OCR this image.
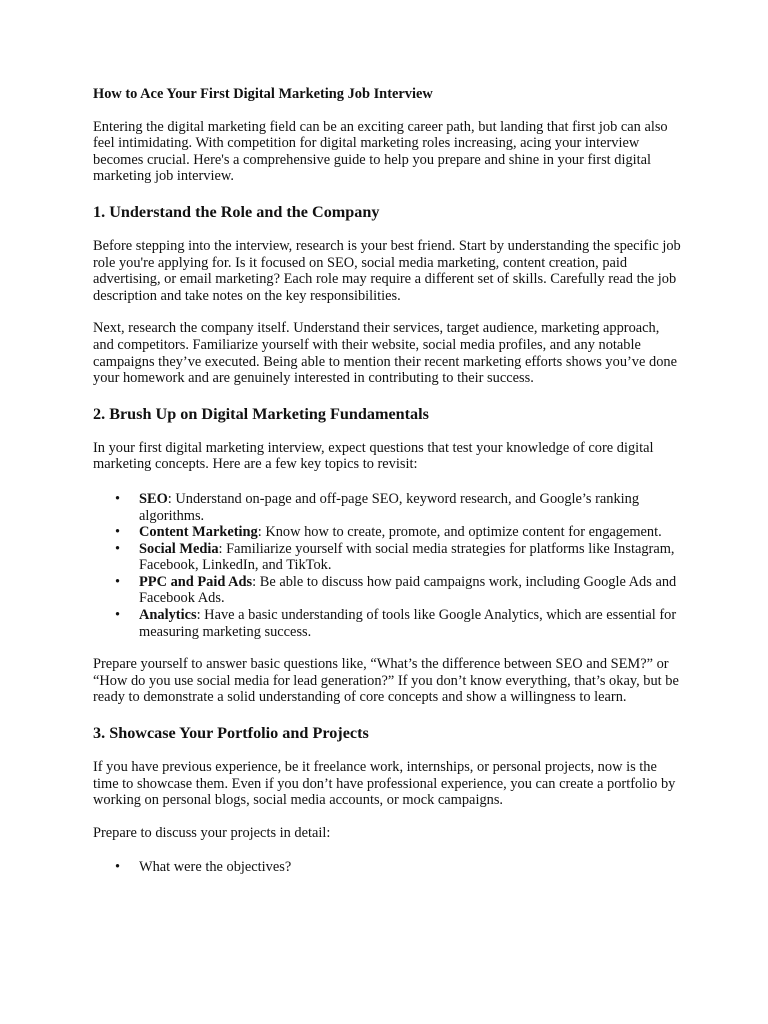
How to Ace Your First Digital Marketing Job Interview

Entering the digital marketing field can be an exciting career path, but landing that first job can also feel intimidating. With competition for digital marketing roles increasing, acing your interview becomes crucial. Here's a comprehensive guide to help you prepare and shine in your first digital marketing job interview.

1. Understand the Role and the Company

Before stepping into the interview, research is your best friend. Start by understanding the specific job role you're applying for. Is it focused on SEO, social media marketing, content creation, paid advertising, or email marketing? Each role may require a different set of skills. Carefully read the job description and take notes on the key responsibilities.

Next, research the company itself. Understand their services, target audience, marketing approach, and competitors. Familiarize yourself with their website, social media profiles, and any notable campaigns they’ve executed. Being able to mention their recent marketing efforts shows you’ve done your homework and are genuinely interested in contributing to their success.

2. Brush Up on Digital Marketing Fundamentals

In your first digital marketing interview, expect questions that test your knowledge of core digital marketing concepts. Here are a few key topics to revisit:

• SEO: Understand on-page and off-page SEO, keyword research, and Google’s ranking algorithms.
• Content Marketing: Know how to create, promote, and optimize content for engagement.
• Social Media: Familiarize yourself with social media strategies for platforms like Instagram, Facebook, LinkedIn, and TikTok.
• PPC and Paid Ads: Be able to discuss how paid campaigns work, including Google Ads and Facebook Ads.
• Analytics: Have a basic understanding of tools like Google Analytics, which are essential for measuring marketing success.

Prepare yourself to answer basic questions like, “What’s the difference between SEO and SEM?” or “How do you use social media for lead generation?” If you don’t know everything, that’s okay, but be ready to demonstrate a solid understanding of core concepts and show a willingness to learn.

3. Showcase Your Portfolio and Projects

If you have previous experience, be it freelance work, internships, or personal projects, now is the time to showcase them. Even if you don’t have professional experience, you can create a portfolio by working on personal blogs, social media accounts, or mock campaigns.

Prepare to discuss your projects in detail:

• What were the objectives?
